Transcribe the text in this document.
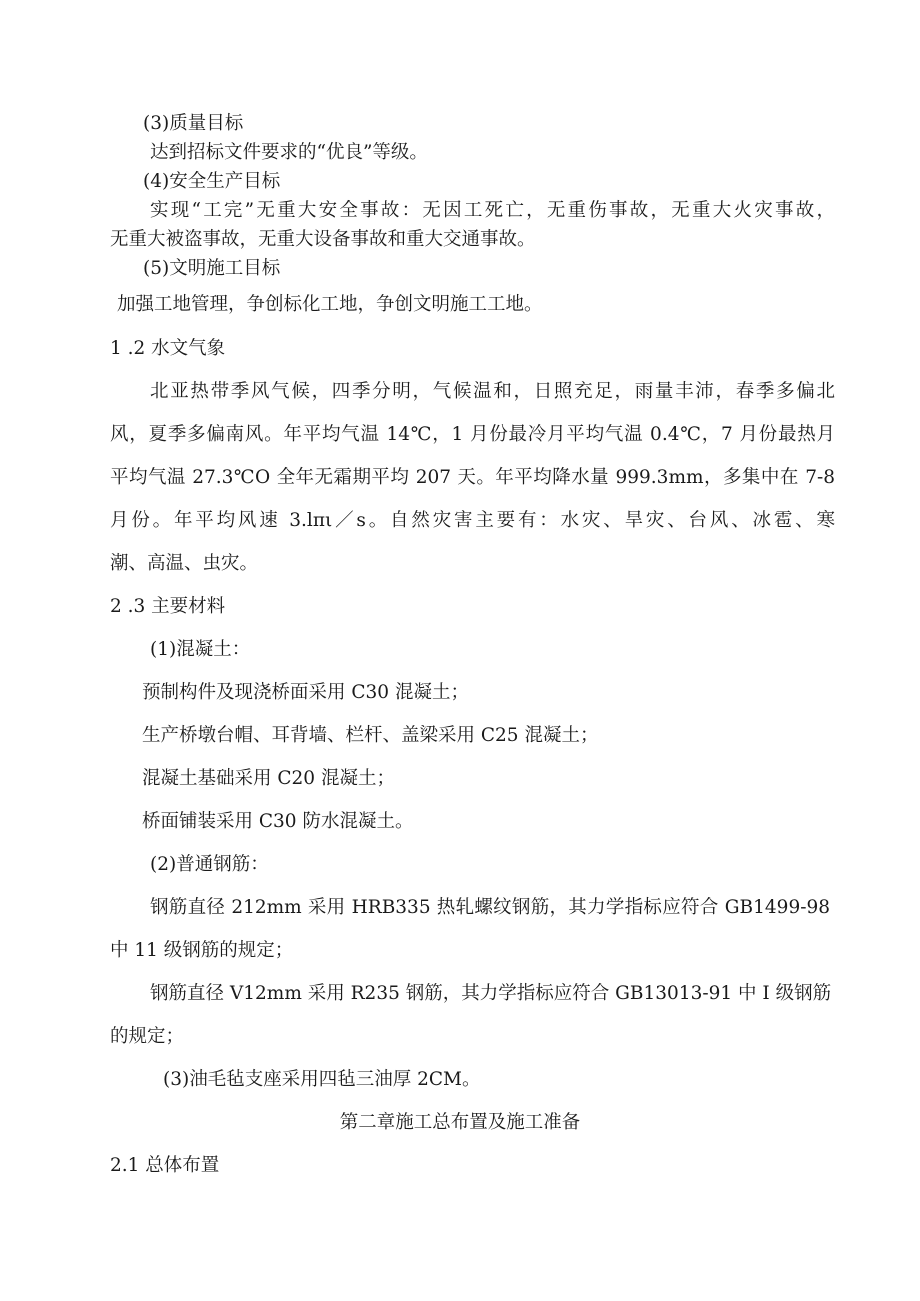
(3)质量目标
达到招标文件要求的“优良”等级。
(4)安全生产目标
实现“工完”无重大安全事故：无因工死亡，无重伤事故，无重大火灾事故，
无重大被盗事故，无重大设备事故和重大交通事故。
(5)文明施工目标
加强工地管理，争创标化工地，争创文明施工工地。
1 .2 水文气象
北亚热带季风气候，四季分明，气候温和，日照充足，雨量丰沛，春季多偏北
风，夏季多偏南风。年平均气温 14℃，1 月份最冷月平均气温 0.4℃，7 月份最热月
平均气温 27.3℃O 全年无霜期平均 207 天。年平均降水量 999.3mm，多集中在 7-8
月份。年平均风速 3.lπι／s。自然灾害主要有：水灾、旱灾、台风、冰雹、寒
潮、高温、虫灾。
2 .3 主要材料
(1)混凝土：
预制构件及现浇桥面采用 C30 混凝土；
生产桥墩台帽、耳背墙、栏杆、盖梁采用 C25 混凝土；
混凝土基础采用 C20 混凝土；
桥面铺装采用 C30 防水混凝土。
(2)普通钢筋：
钢筋直径 212mm 采用 HRB335 热轧螺纹钢筋，其力学指标应符合 GB1499-98
中 11 级钢筋的规定；
钢筋直径 V12mm 采用 R235 钢筋，其力学指标应符合 GB13013-91 中 I 级钢筋
的规定；
(3)油毛毡支座采用四毡三油厚 2CM。
第二章施工总布置及施工准备
2.1 总体布置
